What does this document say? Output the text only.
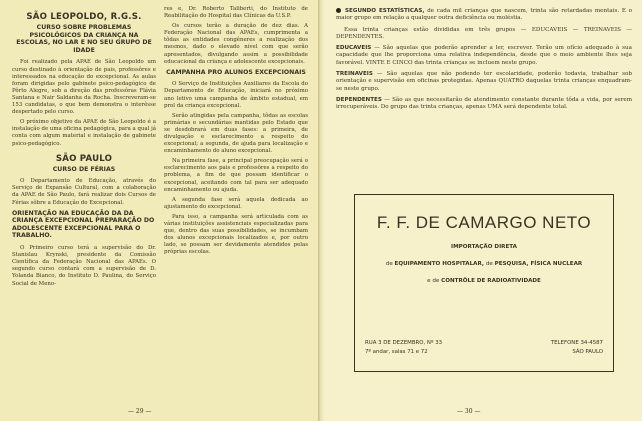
SÃO LEOPOLDO, R.G.S.
CURSO SOBRE PROBLEMAS PSICOLÓGICOS DA CRIANÇA NA ESCOLAS, NO LAR E NO SEU GRUPO DE IDADE

Foi realizado pela APAE de São Leopoldo um curso destinado à orientação de pais, professôres e interessados na educação do excepcional. As aulas foram dirigidas pelo gabinete psico-pedagógico de Pôrto Alegre, sob a direção das professôras Flávia Santana e Nair Saldanha da Rocha. Inscreveram-se 153 candidatas, o que bem demonstra o interêsse despertado pelo curso.

O próximo objetivo da APAE de São Leopoldo é a instalação de uma oficina pedagógica, para a qual já conta com algum material e instalação de gabinete psico-pedagógico.

SÃO PAULO
CURSO DE FÉRIAS

O Departamento de Educação, através do Serviço de Expansão Cultural, com a colaboração da APAE de São Paulo, fará realizar dois Cursos de Férias sôbre a Educação do Excepcional.

ORIENTAÇÃO NA EDUCAÇÃO DA DA CRIANÇA EXCEPCIONAL PREPARAÇÃO DO ADOLESCENTE EXCEPCIONAL PARA O TRABALHO.

O Primeiro curso terá a supervisão do Dr. Stanislau Krynski, presidente da Comissão Científica da Federação Nacional das APAEs. O segundo curso contará com a supervisão de D. Yolanda Bianco, do Instituto D. Paulina, do Serviço Social de Meno-

res e, Dr. Roberto Taliberti, do Instituto de Reabilitação do Hospital das Clínicas da U.S.P.

Os cursos terão a duração de dez dias. A Federação Nacional das APAEs, cumprimenta a tôdas as entidades congêneres a realização dos mesmos, dado o elevado nível com que serão apresentados, divulgando assim a possibilidade educacional da criança e adolescente excepcionais.

CAMPANHA PRO ALUNOS EXCEPCIONAIS

O Serviço de Instituições Auxiliares da Escola do Departamento de Educação, iniciará no próximo ano letivo uma campanha de âmbito estadual, em prol da criança excepcional.

Serão atingidas pela campanha, tôdas as escolas primárias e secundárias mantidas pelo Estado que se desdobrará em duas fases: a primeira, de divulgação e esclarecimento a respeito do excepcional; a segunda, de ajuda para localização e encaminhamento do aluno excepcional.

Na primeira fase, a principal preocupação será o esclarecimento aos pais e professôres a respeito do problema, a fim de que possam identificar o excepcional, aceitando com tal para ser adequado encaminhamento ou ajuda.

A segunda fase será aquela dedicada ao ajustamento do excepcional.

Para isso, a campanha será articulada com as várias instituições assistenciais especializadas para que, dentro das suas possibilidades, se incumbam dos alunos excepcionais localizados e, por outro lado, se possam ser devidamente atendidos pelas próprias escolas.

— 29 —

SEGUNDO ESTATÍSTICAS, de cada mil crianças que nascem, trinta são retardadas mentais. E o maior grupo em relação a qualquer outra deficiência ou moléstia.

Essa trinta crianças estão divididas em três grupos — EDUCAVEIS — TREINAVEIS — DEPENDENTES.

EDUCAVEIS — São aquelas que poderão aprender a ler, escrever. Terão um ofício adequado à sua capacidade que lhe proporciona uma relativa independência, desde que o meio ambiente lhes seja favorável. VINTE E CINCO das trinta crianças se incluem neste grupo.

TREINAVEIS — São aquelas que não podendo ter escolaridade, poderão todavia, trabalhar sob orientação e supervisão em oficinas protegidas. Apenas QUATRO daquelas trinta crianças enquadram-se neste grupo.

DEPENDENTES — São as que necessitarão de atendimento constante durante tôda a vida, por serem irrecuperáveis. Do grupo das trinta crianças, apenas UMA será dependente total.

F. F. DE CAMARGO NETO
IMPORTAÇÃO DIRETA
de EQUIPAMENTO HOSPITALAR, de PESQUISA, FÍSICA NUCLEAR
e de CONTRÔLE DE RADIOATIVIDADE
RUA 3 DE DEZEMBRO, Nº 33
7º andar, salas 71 e 72
TELEFONE 34-4587
SÃO PAULO
— 30 —
